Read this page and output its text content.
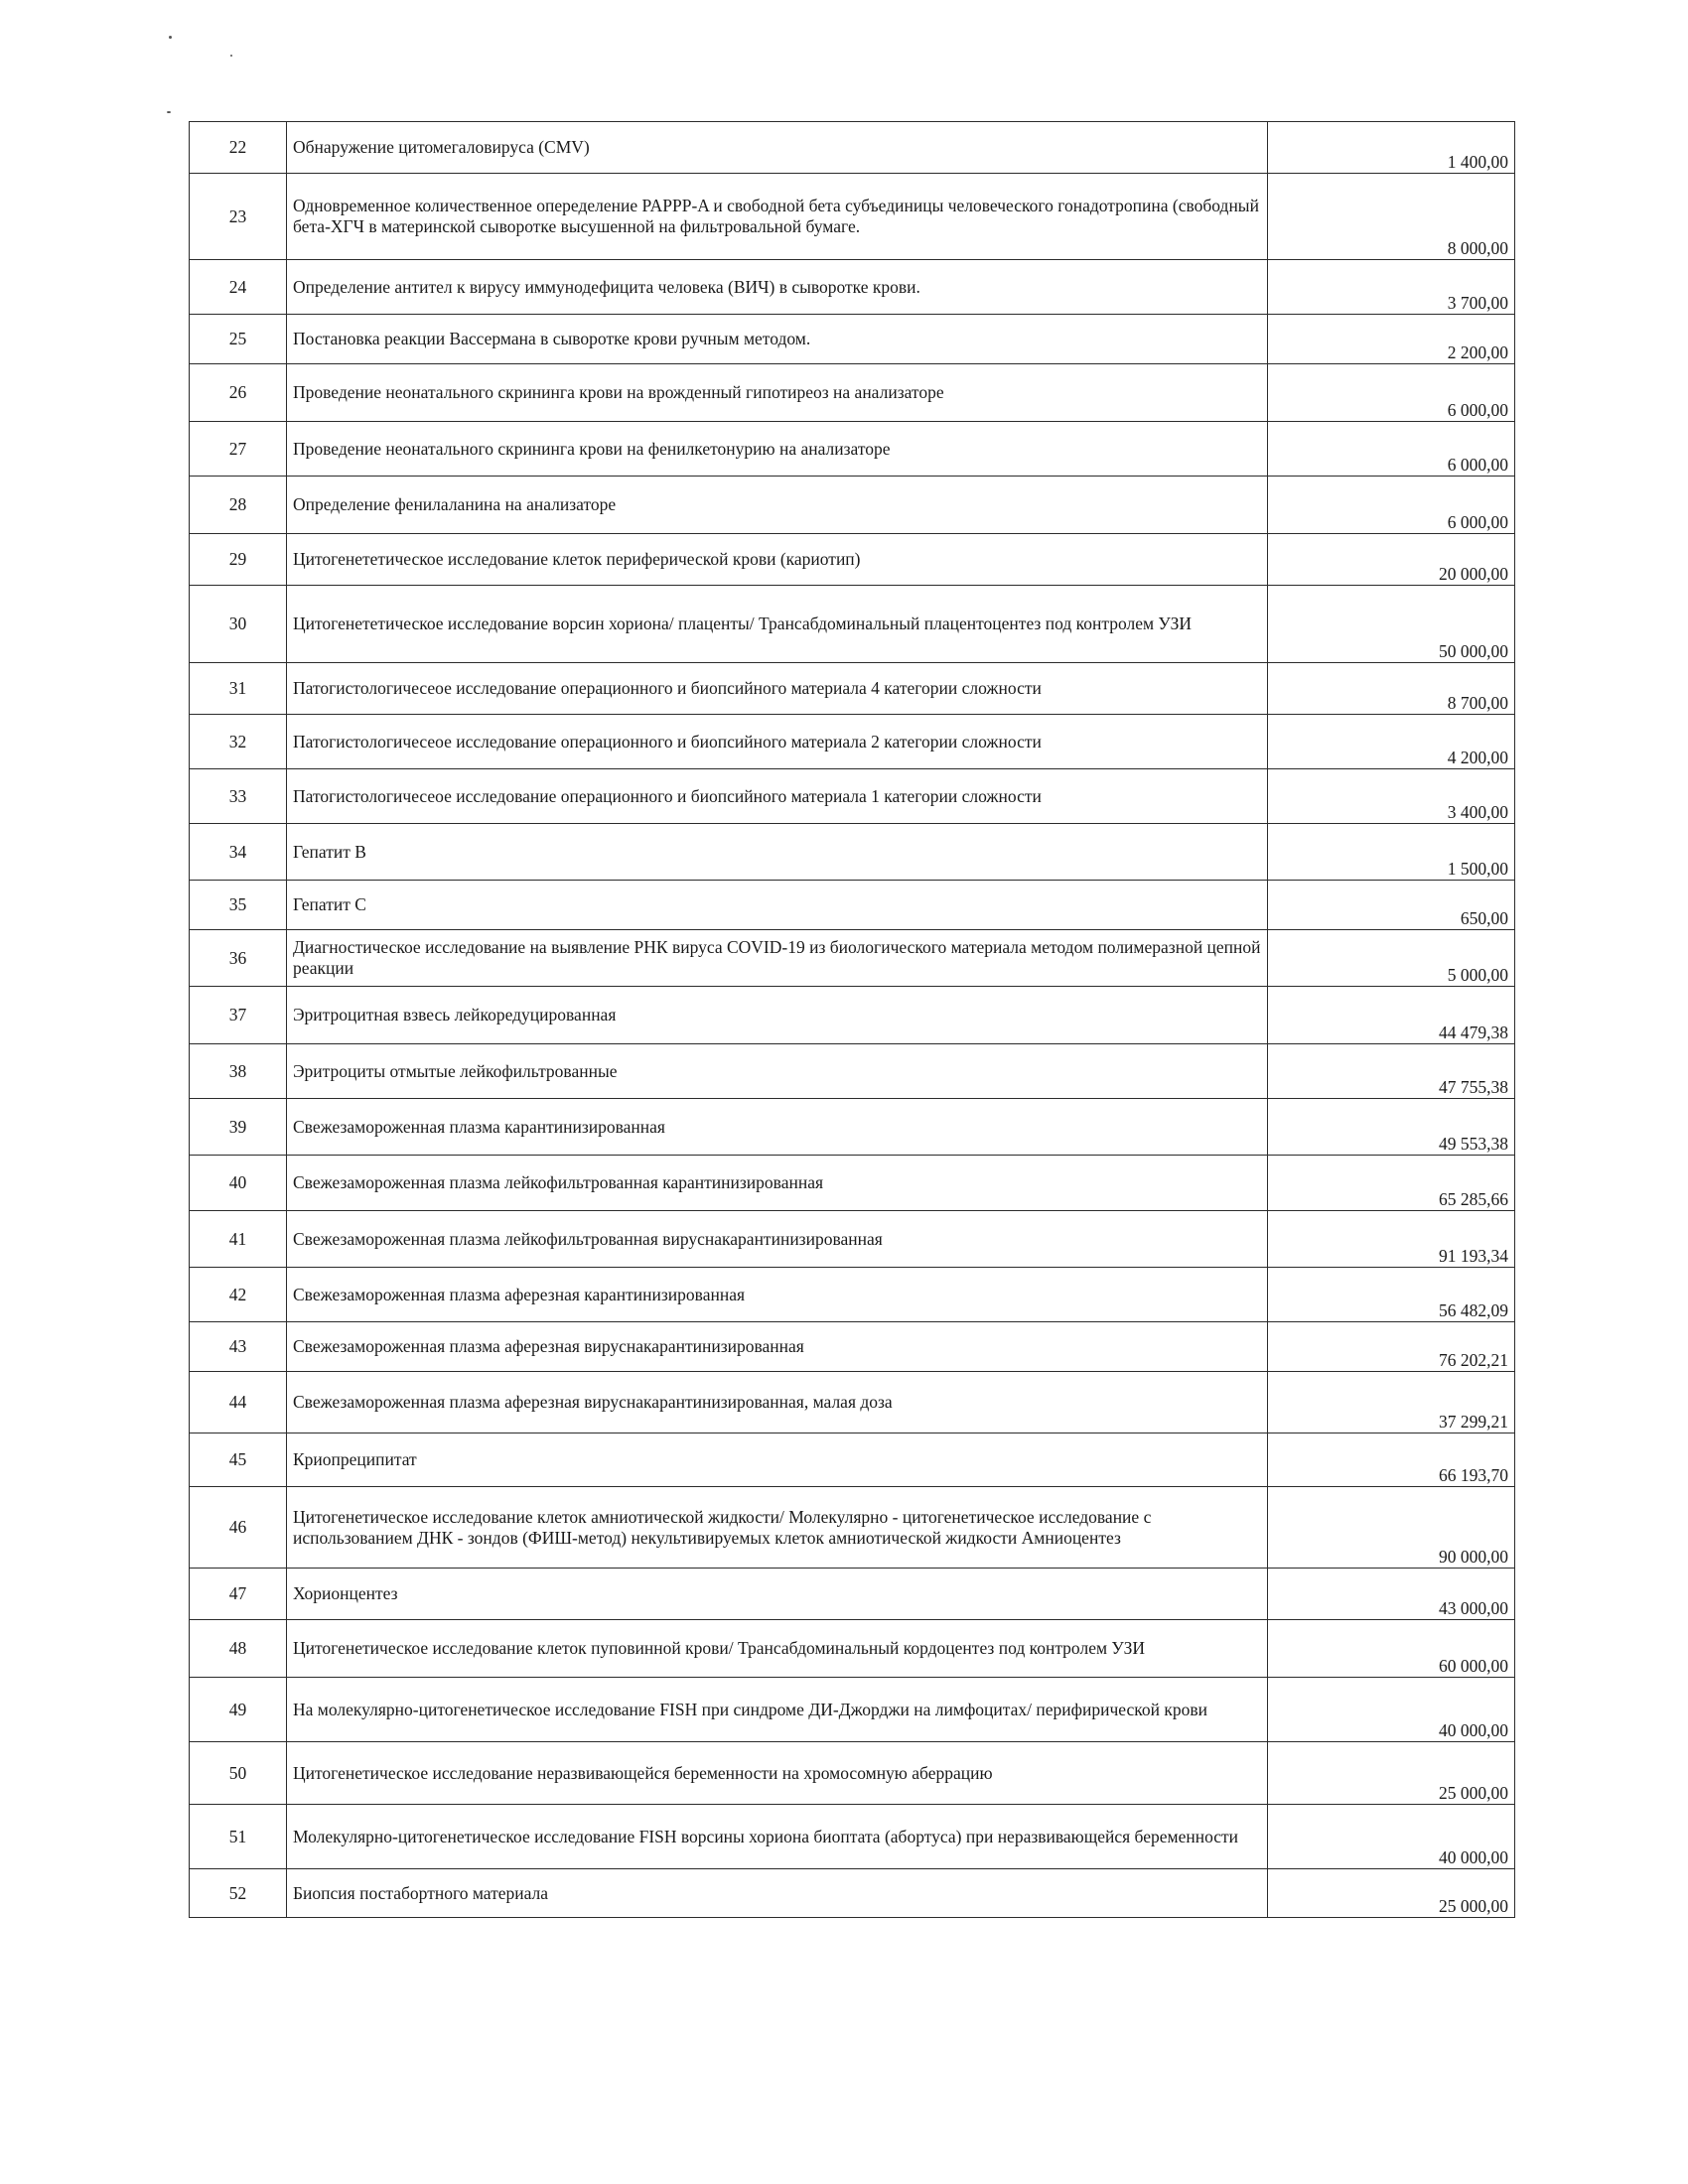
22	Обнаружение цитомегаловируса (CMV)	1 400,00
23	Одновременное количественное опеределение PAPPP-A и свободной бета субъединицы человеческого гонадотропина (свободный бета-ХГЧ в материнской сыворотке высушенной на фильтровальной бумаге.	8 000,00
24	Определение антител к вирусу иммунодефицита человека (ВИЧ) в сыворотке крови.	3 700,00
25	Постановка реакции Вассермана в сыворотке крови ручным методом.	2 200,00
26	Проведение неонатального скрининга крови на врожденный гипотиреоз на анализаторе	6 000,00
27	Проведение неонатального скрининга крови на фенилкетонурию на анализаторе	6 000,00
28	Определение фенилаланина на анализаторе	6 000,00
29	Цитогенететическое исследование клеток периферической крови (кариотип)	20 000,00
30	Цитогенететическое исследование ворсин хориона/ плаценты/ Трансабдоминальный плацентоцентез под контролем УЗИ	50 000,00
31	Патогистологичесеое исследование операционного и биопсийного материала 4 категории сложности	8 700,00
32	Патогистологичесеое исследование операционного и биопсийного материала 2 категории сложности	4 200,00
33	Патогистологичесеое исследование операционного и биопсийного материала 1 категории сложности	3 400,00
34	Гепатит В	1 500,00
35	Гепатит С	650,00
36	Диагностическое исследование на выявление РНК вируса COVID-19 из биологического материала методом полимеразной цепной реакции	5 000,00
37	Эритроцитная взвесь лейкоредуцированная	44 479,38
38	Эритроциты отмытые лейкофильтрованные	47 755,38
39	Свежезамороженная плазма карантинизированная	49 553,38
40	Свежезамороженная плазма лейкофильтрованная карантинизированная	65 285,66
41	Свежезамороженная плазма лейкофильтрованная вируснакарантинизированная	91 193,34
42	Свежезамороженная плазма аферезная карантинизированная	56 482,09
43	Свежезамороженная плазма аферезная вируснакарантинизированная	76 202,21
44	Свежезамороженная плазма аферезная вируснакарантинизированная, малая доза	37 299,21
45	Криопреципитат	66 193,70
46	Цитогенетическое исследование клеток амниотической жидкости/ Молекулярно - цитогенетическое исследование с использованием ДНК - зондов (ФИШ-метод) некультивируемых клеток амниотической жидкости Амниоцентез	90 000,00
47	Хорионцентез	43 000,00
48	Цитогенетическое исследование клеток пуповинной крови/ Трансабдоминальный кордоцентез под контролем УЗИ	60 000,00
49	На молекулярно-цитогенетическое исследование FISH при синдроме ДИ-Джорджи на лимфоцитах/ перифирической крови	40 000,00
50	Цитогенетическое исследование неразвивающейся беременности на хромосомную аберрацию	25 000,00
51	Молекулярно-цитогенетическое исследование FISH ворсины хориона биоптата (абортуса) при неразвивающейся беременности	40 000,00
52	Биопсия постабортного материала	25 000,00
